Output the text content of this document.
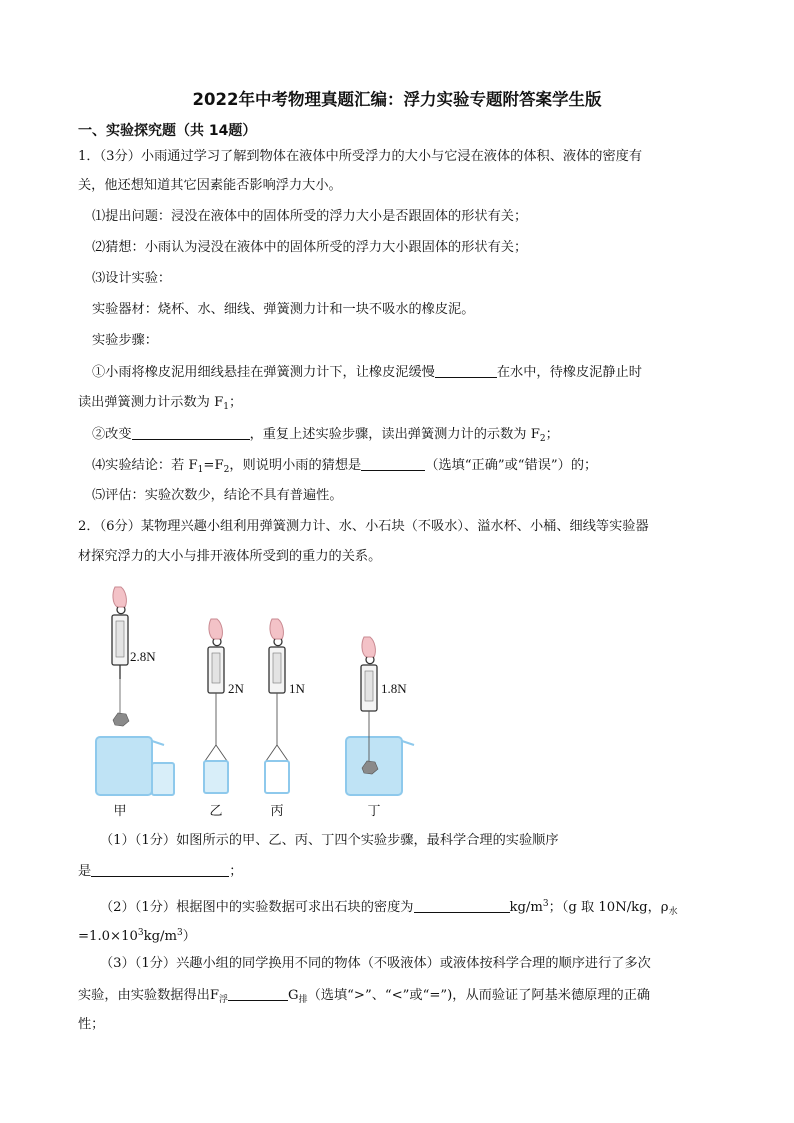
2022年中考物理真题汇编：浮力实验专题附答案学生版
一、实验探究题（共 14题）
1．（3分）小雨通过学习了解到物体在液体中所受浮力的大小与它浸在液体的体积、液体的密度有
关，他还想知道其它因素能否影响浮力大小。
⑴提出问题：浸没在液体中的固体所受的浮力大小是否跟固体的形状有关；
⑵猜想：小雨认为浸没在液体中的固体所受的浮力大小跟固体的形状有关；
⑶设计实验：
实验器材：烧杯、水、细线、弹簧测力计和一块不吸水的橡皮泥。
实验步骤：
①小雨将橡皮泥用细线悬挂在弹簧测力计下，让橡皮泥缓慢	在水中，待橡皮泥静止时
读出弹簧测力计示数为 $F_1$；
②改变	，重复上述实验步骤，读出弹簧测力计的示数为 $F_2$；
⑷实验结论：若 $F_1=F_2$，则说明小雨的猜想是	（选填“正确”或“错误”）的；
⑸评估：实验次数少，结论不具有普遍性。
2．（6分）某物理兴趣小组利用弹簧测力计、水、小石块（不吸水）、溢水杯、小桶、细线等实验器
材探究浮力的大小与排开液体所受到的重力的关系。
2.8N
甲
2N
乙
1N
丙
1.8N
丁
（1）（1分）如图所示的甲、乙、丙、丁四个实验步骤，最科学合理的实验顺序
是	；
（2）（1分）根据图中的实验数据可求出石块的密度为	$kg/m^3$；（g 取 10N/kg，$\rho_水$
$=1.0\times 10^3kg/m^3$）
（3）（1分）兴趣小组的同学换用不同的物体（不吸液体）或液体按科学合理的顺序进行了多次
实验，由实验数据得出$F_浮$	$G_排$（选填“>”、“<”或“=”)，从而验证了阿基米德原理的正确
性；
